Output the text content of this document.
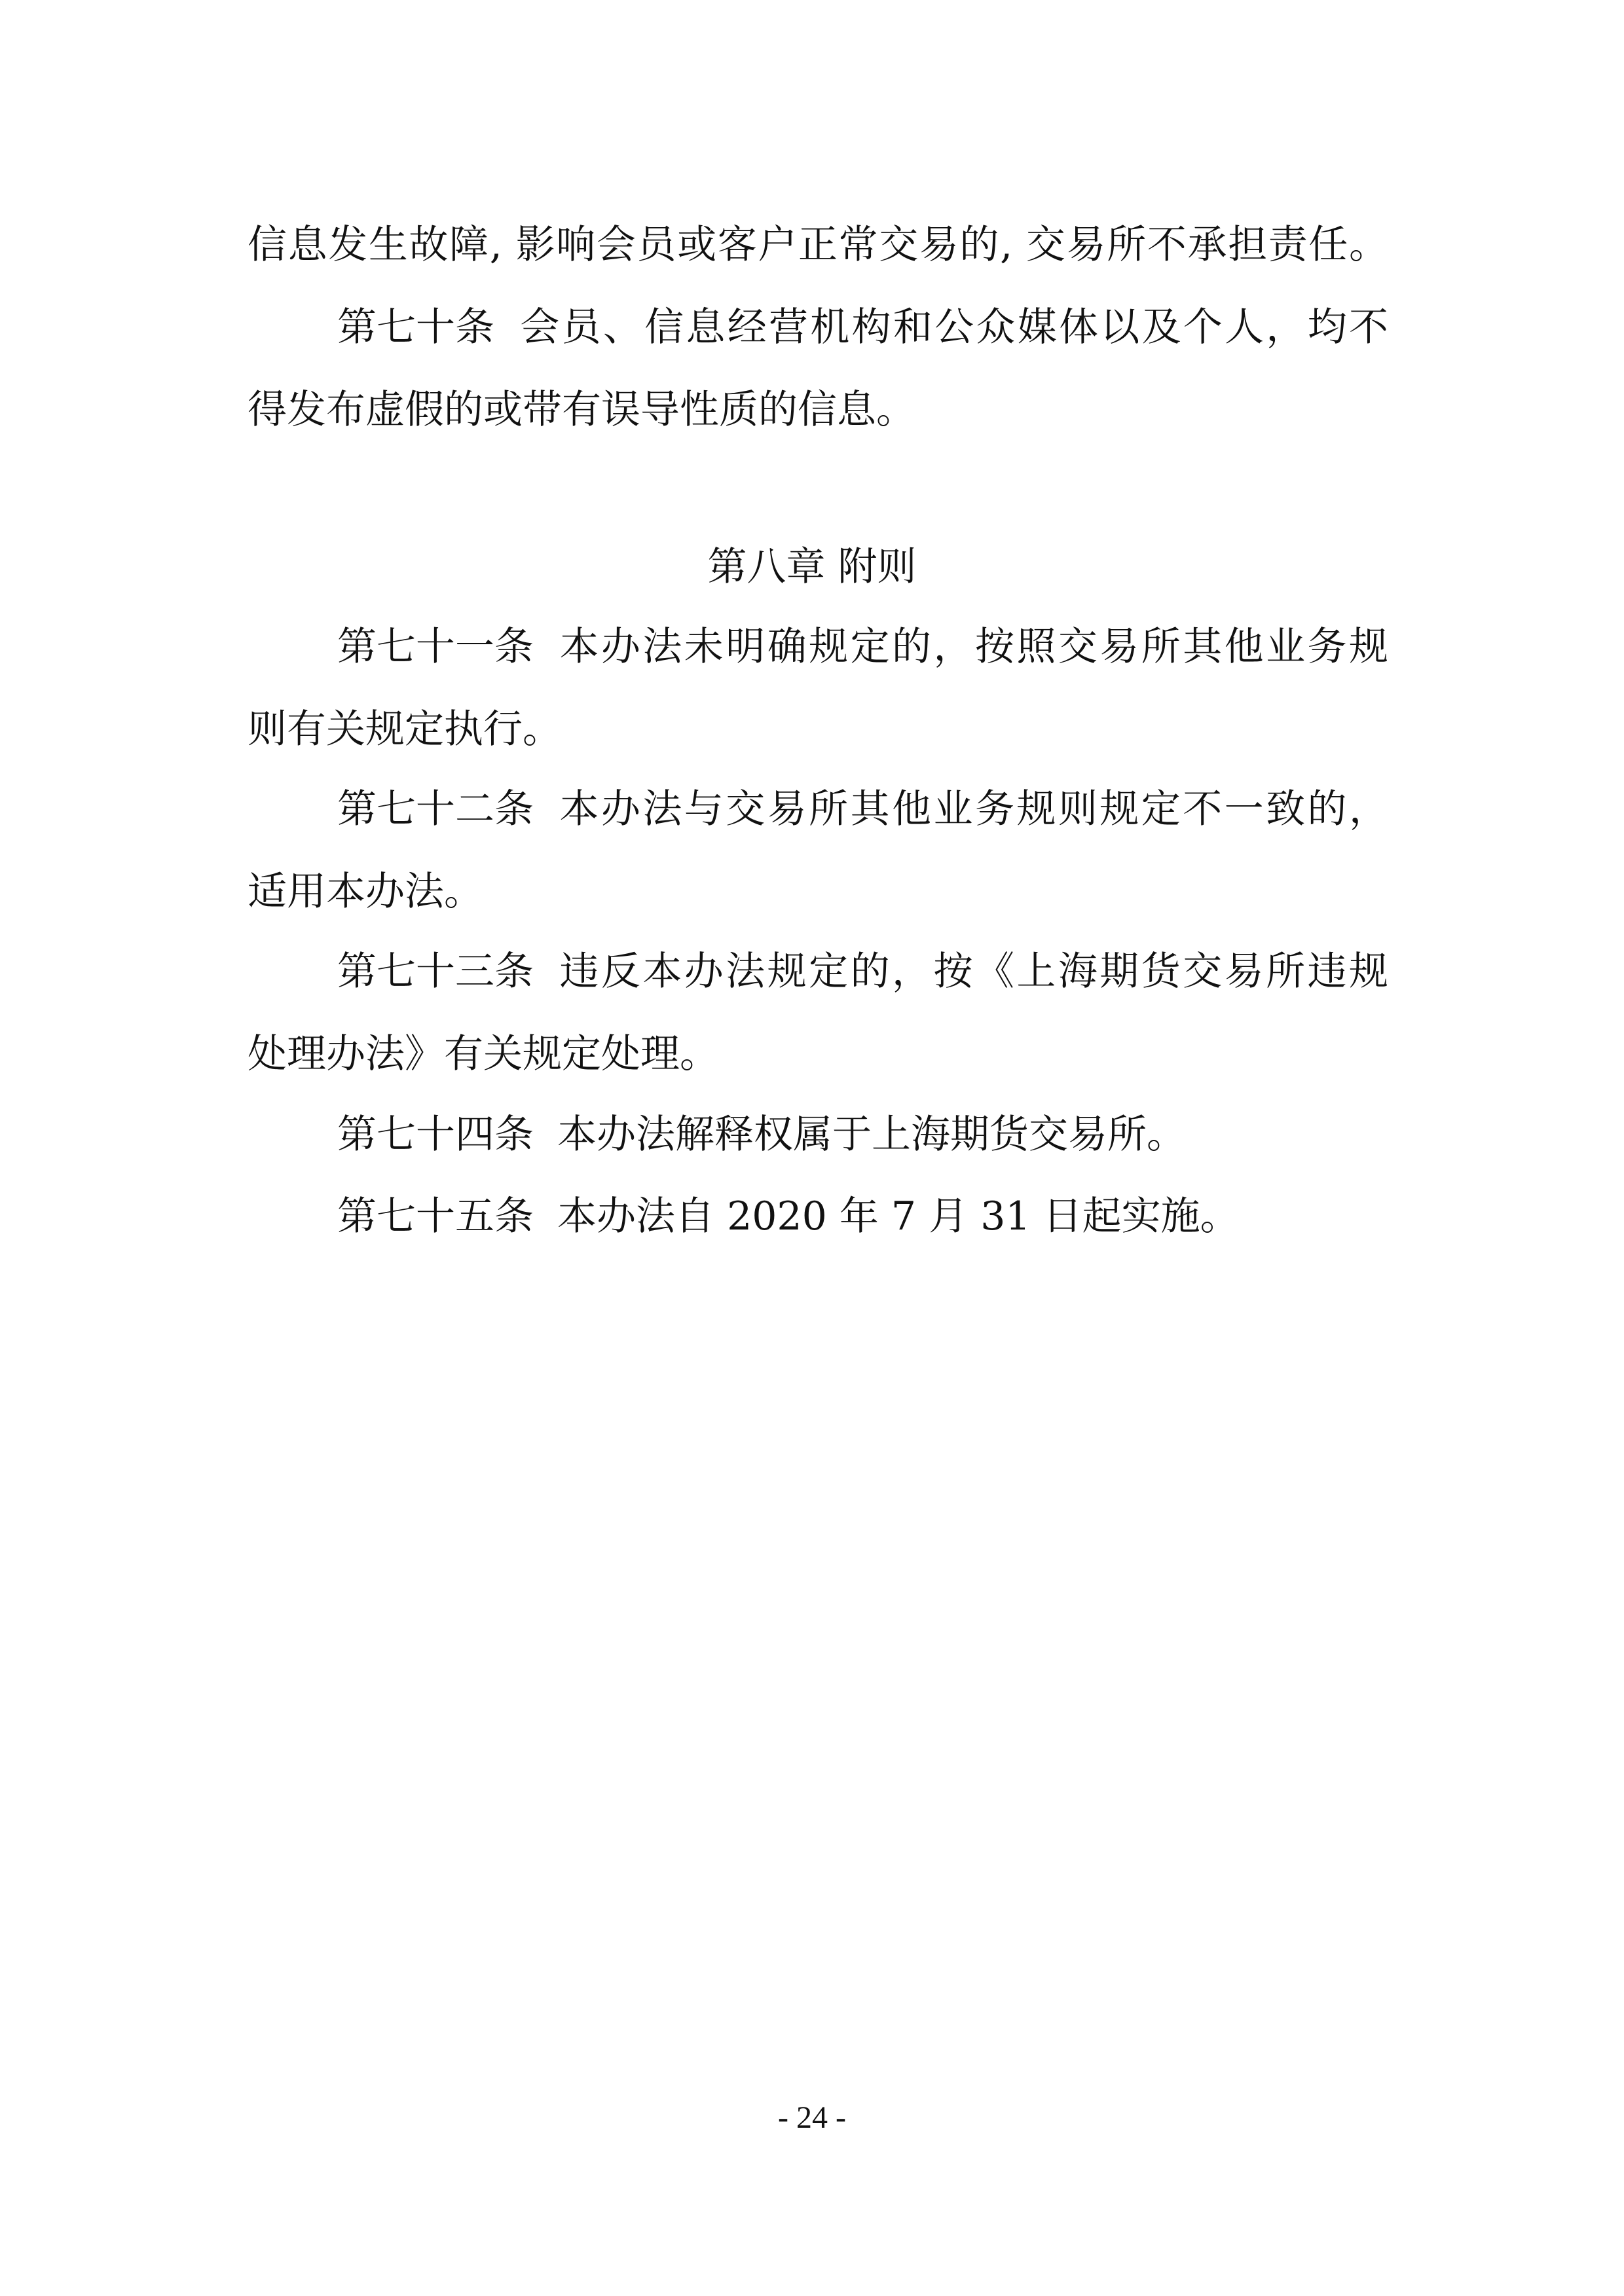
信息发生故障, 影响会员或客户正常交易的, 交易所不承担责任。

第七十条 会员、信息经营机构和公众媒体以及个人，均不

得发布虚假的或带有误导性质的信息。

第八章 附则

第七十一条 本办法未明确规定的，按照交易所其他业务规

则有关规定执行。

第七十二条 本办法与交易所其他业务规则规定不一致的，

适用本办法。

第七十三条 违反本办法规定的，按《上海期货交易所违规

处理办法》有关规定处理。

第七十四条 本办法解释权属于上海期货交易所。

第七十五条 本办法自 2020 年 7 月 31 日起实施。

- 24 -
